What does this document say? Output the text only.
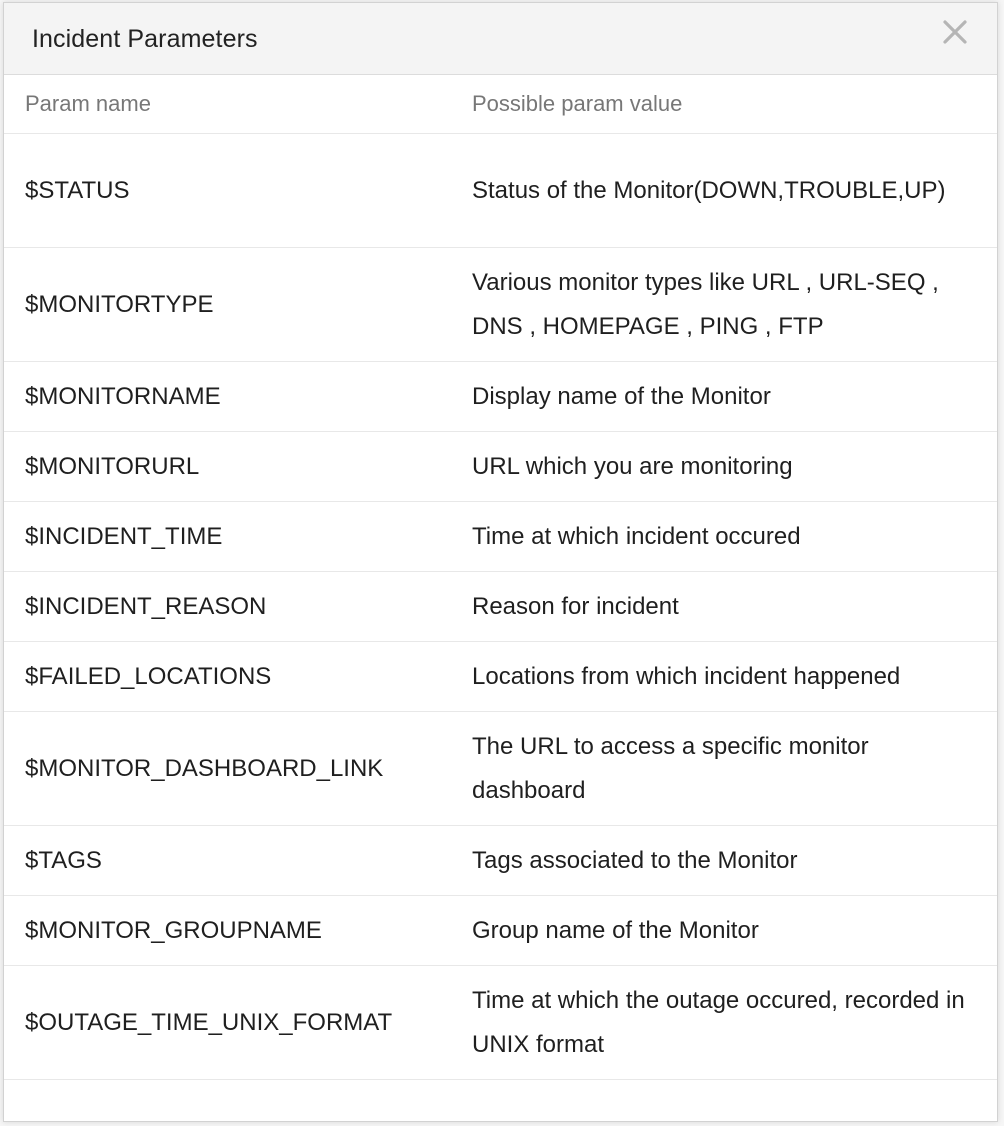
Incident Parameters
Param name	Possible param value
$STATUS	Status of the Monitor(DOWN,TROUBLE,UP)
$MONITORTYPE	Various monitor types like URL , URL-SEQ , DNS , HOMEPAGE , PING , FTP
$MONITORNAME	Display name of the Monitor
$MONITORURL	URL which you are monitoring
$INCIDENT_TIME	Time at which incident occured
$INCIDENT_REASON	Reason for incident
$FAILED_LOCATIONS	Locations from which incident happened
$MONITOR_DASHBOARD_LINK	The URL to access a specific monitor dashboard
$TAGS	Tags associated to the Monitor
$MONITOR_GROUPNAME	Group name of the Monitor
$OUTAGE_TIME_UNIX_FORMAT	Time at which the outage occured, recorded in UNIX format
